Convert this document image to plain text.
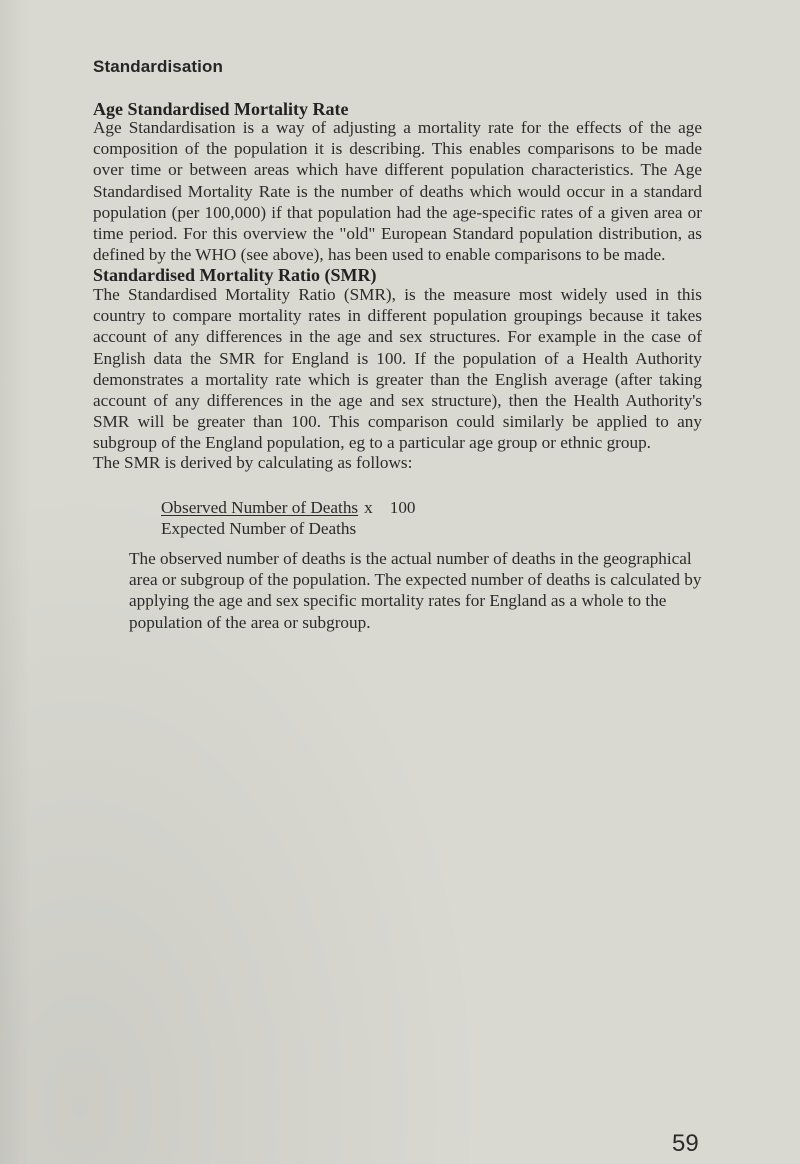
Standardisation
Age Standardised Mortality Rate

Age Standardisation is a way of adjusting a mortality rate for the effects of the age composition of the population it is describing. This enables comparisons to be made over time or between areas which have different population characteristics. The Age Standardised Mortality Rate is the number of deaths which would occur in a standard population (per 100,000) if that population had the age-specific rates of a given area or time period. For this overview the "old" European Standard population distribution, as defined by the WHO (see above), has been used to enable comparisons to be made.

Standardised Mortality Ratio (SMR)

The Standardised Mortality Ratio (SMR), is the measure most widely used in this country to compare mortality rates in different population groupings because it takes account of any differences in the age and sex structures. For example in the case of English data the SMR for England is 100. If the population of a Health Authority demonstrates a mortality rate which is greater than the English average (after taking account of any differences in the age and sex structure), then the Health Authority's SMR will be greater than 100. This comparison could similarly be applied to any subgroup of the England population, eg to a particular age group or ethnic group.

The SMR is derived by calculating as follows:

Observed Number of Deaths x 100
Expected Number of Deaths

The observed number of deaths is the actual number of deaths in the geographical area or subgroup of the population. The expected number of deaths is calculated by applying the age and sex specific mortality rates for England as a whole to the population of the area or subgroup.

59
